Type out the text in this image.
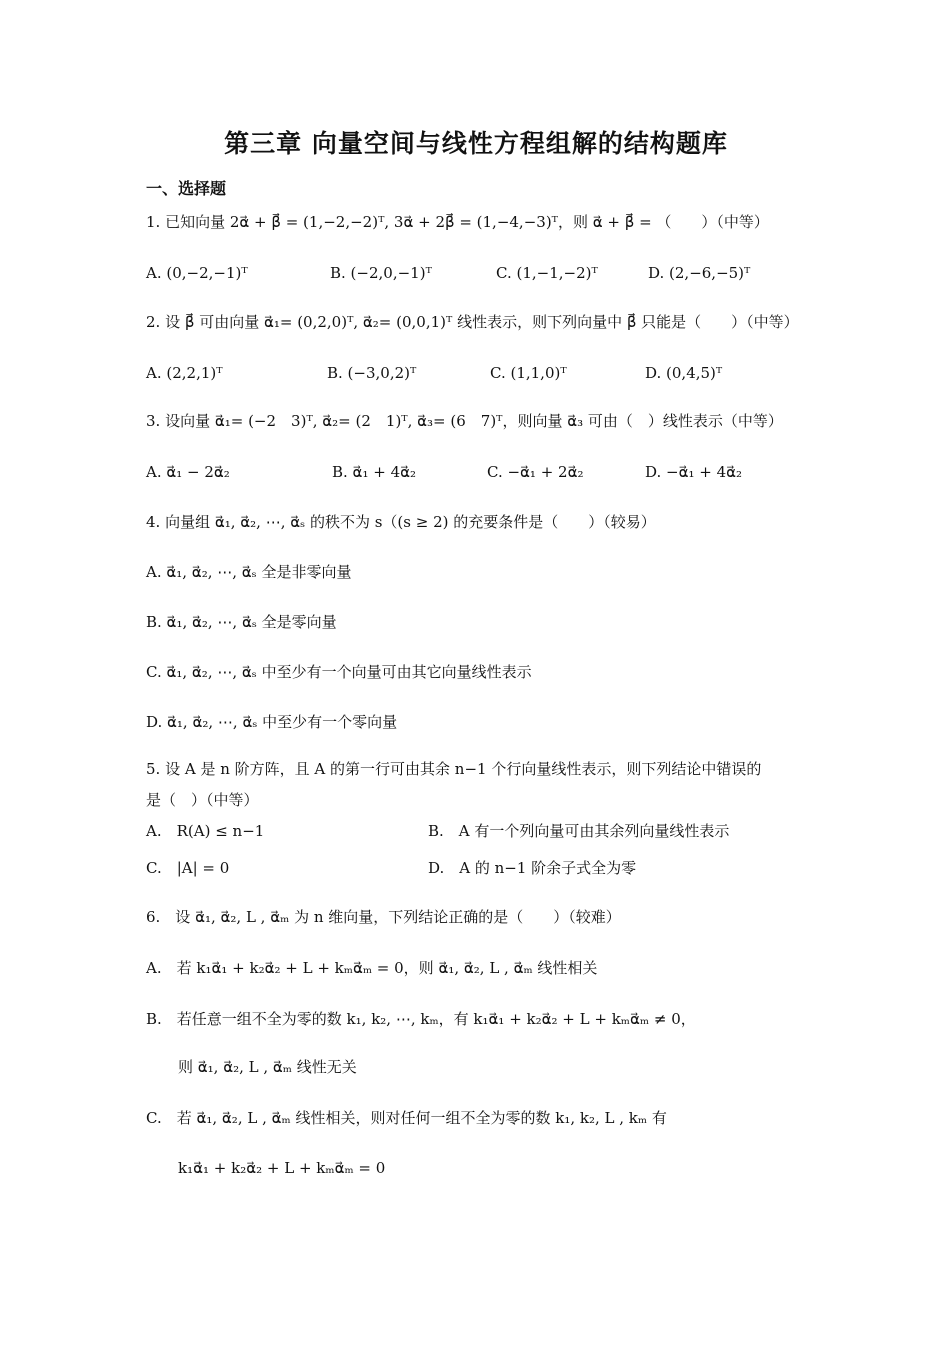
第三章 向量空间与线性方程组解的结构题库
一、选择题
1. 已知向量 2α⃗ + β⃗ = (1,−2,−2)ᵀ, 3α⃗ + 2β⃗ = (1,−4,−3)ᵀ，则 α⃗ + β⃗ = （　　）（中等）
A. (0,−2,−1)ᵀ	B. (−2,0,−1)ᵀ	C. (1,−1,−2)ᵀ	D. (2,−6,−5)ᵀ
2. 设 β⃗ 可由向量 α⃗₁= (0,2,0)ᵀ, α⃗₂= (0,0,1)ᵀ 线性表示，则下列向量中 β⃗ 只能是（　　）（中等）
A. (2,2,1)ᵀ	B. (−3,0,2)ᵀ	C. (1,1,0)ᵀ	D. (0,4,5)ᵀ
3. 设向量 α⃗₁= (−2　3)ᵀ, α⃗₂= (2　1)ᵀ, α⃗₃= (6　7)ᵀ，则向量 α⃗₃ 可由（　）线性表示（中等）
A. α⃗₁ − 2α⃗₂	B. α⃗₁ + 4α⃗₂	C. −α⃗₁ + 2α⃗₂	D. −α⃗₁ + 4α⃗₂
4. 向量组 α⃗₁, α⃗₂, ⋯, α⃗ₛ 的秩不为 s（(s ≥ 2) 的充要条件是（　　）（较易）
A. α⃗₁, α⃗₂, ⋯, α⃗ₛ 全是非零向量
B. α⃗₁, α⃗₂, ⋯, α⃗ₛ 全是零向量
C. α⃗₁, α⃗₂, ⋯, α⃗ₛ 中至少有一个向量可由其它向量线性表示
D. α⃗₁, α⃗₂, ⋯, α⃗ₛ 中至少有一个零向量
5. 设 A 是 n 阶方阵，且 A 的第一行可由其余 n−1 个行向量线性表示，则下列结论中错误的
是（　）（中等）
A.　R(A) ≤ n−1	B.　A 有一个列向量可由其余列向量线性表示
C.　|A| = 0	D.　A 的 n−1 阶余子式全为零
6.　设 α⃗₁, α⃗₂, L , α⃗ₘ 为 n 维向量，下列结论正确的是（　　）（较难）
A.　若 k₁α⃗₁ + k₂α⃗₂ + L + kₘα⃗ₘ = 0，则 α⃗₁, α⃗₂, L , α⃗ₘ 线性相关
B.　若任意一组不全为零的数 k₁, k₂, ⋯, kₘ，有 k₁α⃗₁ + k₂α⃗₂ + L + kₘα⃗ₘ ≠ 0，
则 α⃗₁, α⃗₂, L , α⃗ₘ 线性无关
C.　若 α⃗₁, α⃗₂, L , α⃗ₘ 线性相关，则对任何一组不全为零的数 k₁, k₂, L , kₘ 有
k₁α⃗₁ + k₂α⃗₂ + L + kₘα⃗ₘ = 0
